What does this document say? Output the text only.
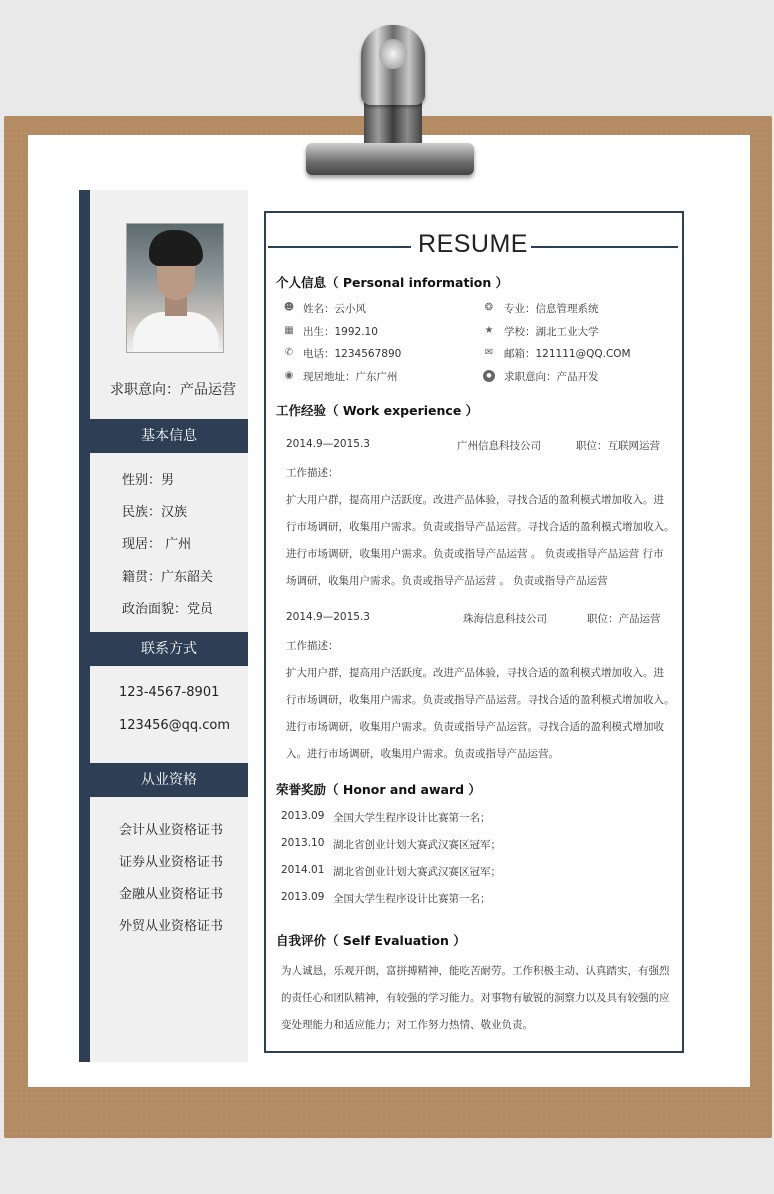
求职意向：产品运营
基本信息
性别：男
民族：汉族
现居： 广州
籍贯：广东韶关
政治面貌：党员
联系方式
123-4567-8901
123456@qq.com
从业资格
会计从业资格证书
证券从业资格证书
金融从业资格证书
外贸从业资格证书
RESUME
个人信息（ Personal information ）
☻ 姓名：云小风	❂ 专业：信息管理系统
▦ 出生：1992.10	★ 学校：湖北工业大学
✆ 电话：1234567890	✉ 邮箱：121111@QQ.COM
◉ 现居地址：广东广州	●	求职意向：产品开发
工作经验（ Work experience ）
2014.9—2015.3	广州信息科技公司	职位：互联网运营
工作描述：
扩大用户群，提高用户活跃度。改进产品体验，寻找合适的盈利模式增加收入。进
行市场调研，收集用户需求。负责或指导产品运营。寻找合适的盈利模式增加收入。
进行市场调研，收集用户需求。负责或指导产品运营 。 负责或指导产品运营 行市
场调研，收集用户需求。负责或指导产品运营 。 负责或指导产品运营
2014.9—2015.3	珠海信息科技公司	职位：产品运营
工作描述：
扩大用户群，提高用户活跃度。改进产品体验，寻找合适的盈利模式增加收入。进
行市场调研，收集用户需求。负责或指导产品运营。寻找合适的盈利模式增加收入。
进行市场调研，收集用户需求。负责或指导产品运营。寻找合适的盈利模式增加收
入。进行市场调研，收集用户需求。负责或指导产品运营。
荣誉奖励（ Honor and award ）
2013.09 全国大学生程序设计比赛第一名；
2013.10 湖北省创业计划大赛武汉赛区冠军；
2014.01 湖北省创业计划大赛武汉赛区冠军；
2013.09 全国大学生程序设计比赛第一名；
自我评价（ Self Evaluation ）
为人诚恳，乐观开朗，富拼搏精神，能吃苦耐劳。工作积极主动、认真踏实，有强烈
的责任心和团队精神，有较强的学习能力。对事物有敏锐的洞察力以及具有较强的应
变处理能力和适应能力；对工作努力热情、敬业负责。
